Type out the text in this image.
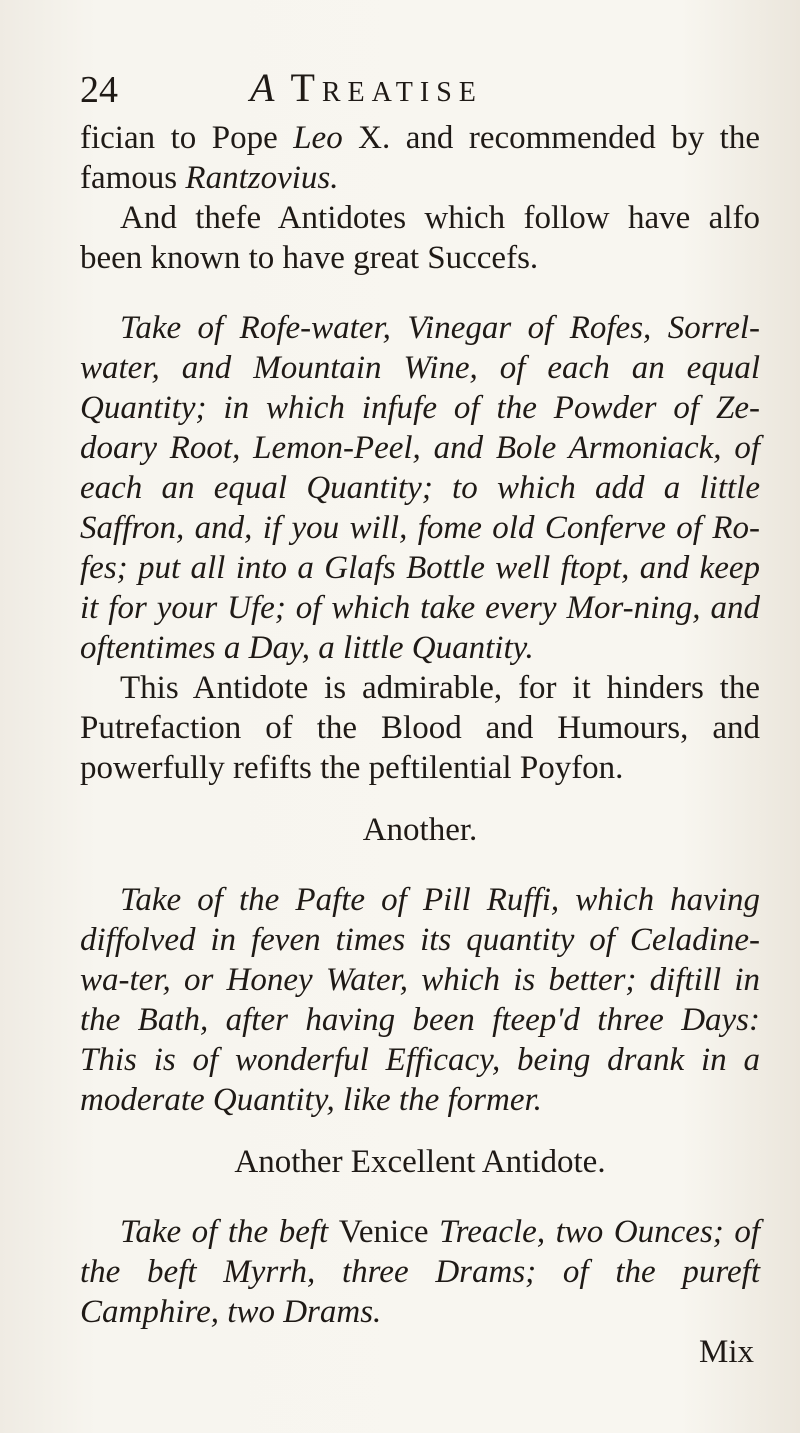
24	A Treatise

fician to Pope Leo X. and recommended by the famous Rantzovius.

And thefe Antidotes which follow have alfo been known to have great Succefs.

Take of Rofe-water, Vinegar of Rofes, Sorrel-water, and Mountain Wine, of each an equal Quantity; in which infufe of the Powder of Ze-doary Root, Lemon-Peel, and Bole Armoniack, of each an equal Quantity; to which add a little Saffron, and, if you will, fome old Conferve of Ro-fes; put all into a Glafs Bottle well ftopt, and keep it for your Ufe; of which take every Mor-ning, and oftentimes a Day, a little Quantity.

This Antidote is admirable, for it hinders the Putrefaction of the Blood and Humours, and powerfully refifts the peftilential Poyfon.

Another.

Take of the Pafte of Pill Ruffi, which having diffolved in feven times its quantity of Celadine-wa-ter, or Honey Water, which is better; diftill in the Bath, after having been fteep'd three Days: This is of wonderful Efficacy, being drank in a moderate Quantity, like the former.

Another Excellent Antidote.

Take of the beft Venice Treacle, two Ounces; of the beft Myrrh, three Drams; of the pureft Camphire, two Drams.

Mix
